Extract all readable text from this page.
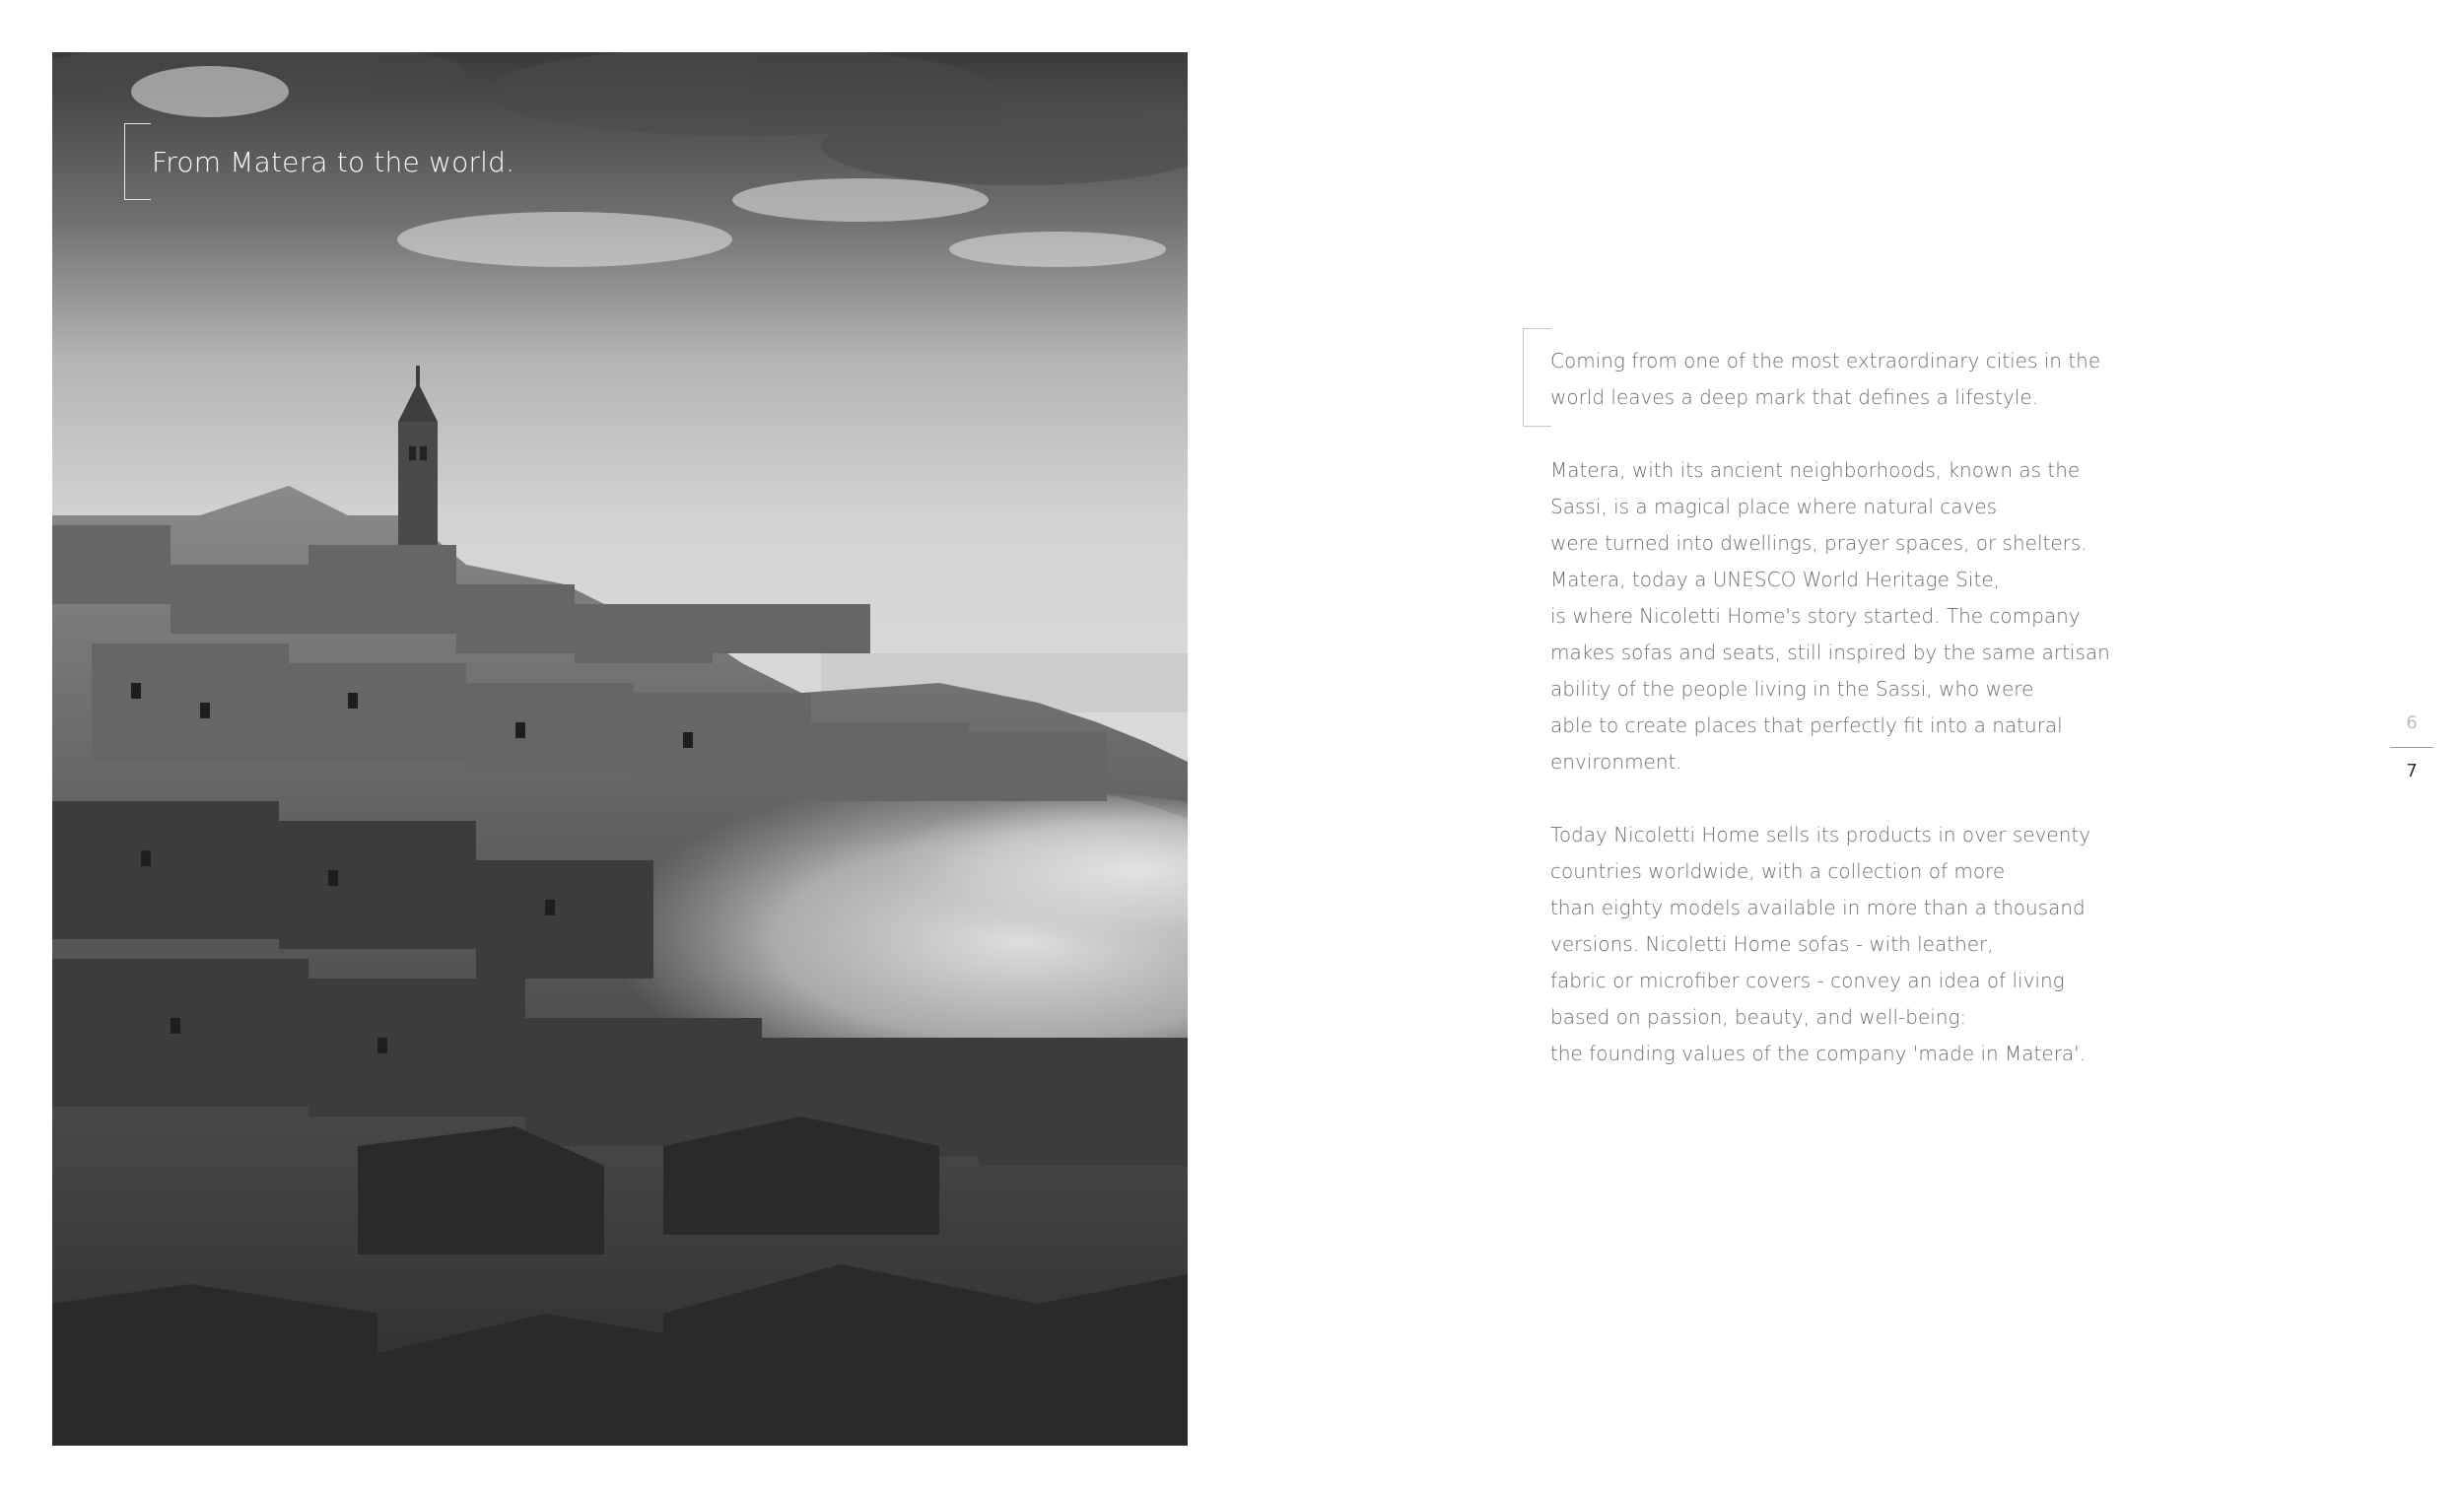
From Matera to the world.

Coming from one of the most extraordinary cities in the
world leaves a deep mark that defines a lifestyle.

Matera, with its ancient neighborhoods, known as the
Sassi, is a magical place where natural caves
were turned into dwellings, prayer spaces, or shelters.
Matera, today a UNESCO World Heritage Site,
is where Nicoletti Home's story started. The company
makes sofas and seats, still inspired by the same artisan
ability of the people living in the Sassi, who were
able to create places that perfectly fit into a natural
environment.

Today Nicoletti Home sells its products in over seventy
countries worldwide, with a collection of more
than eighty models available in more than a thousand
versions. Nicoletti Home sofas - with leather,
fabric or microfiber covers - convey an idea of living
based on passion, beauty, and well-being:
the founding values of the company 'made in Matera'.

6
7
